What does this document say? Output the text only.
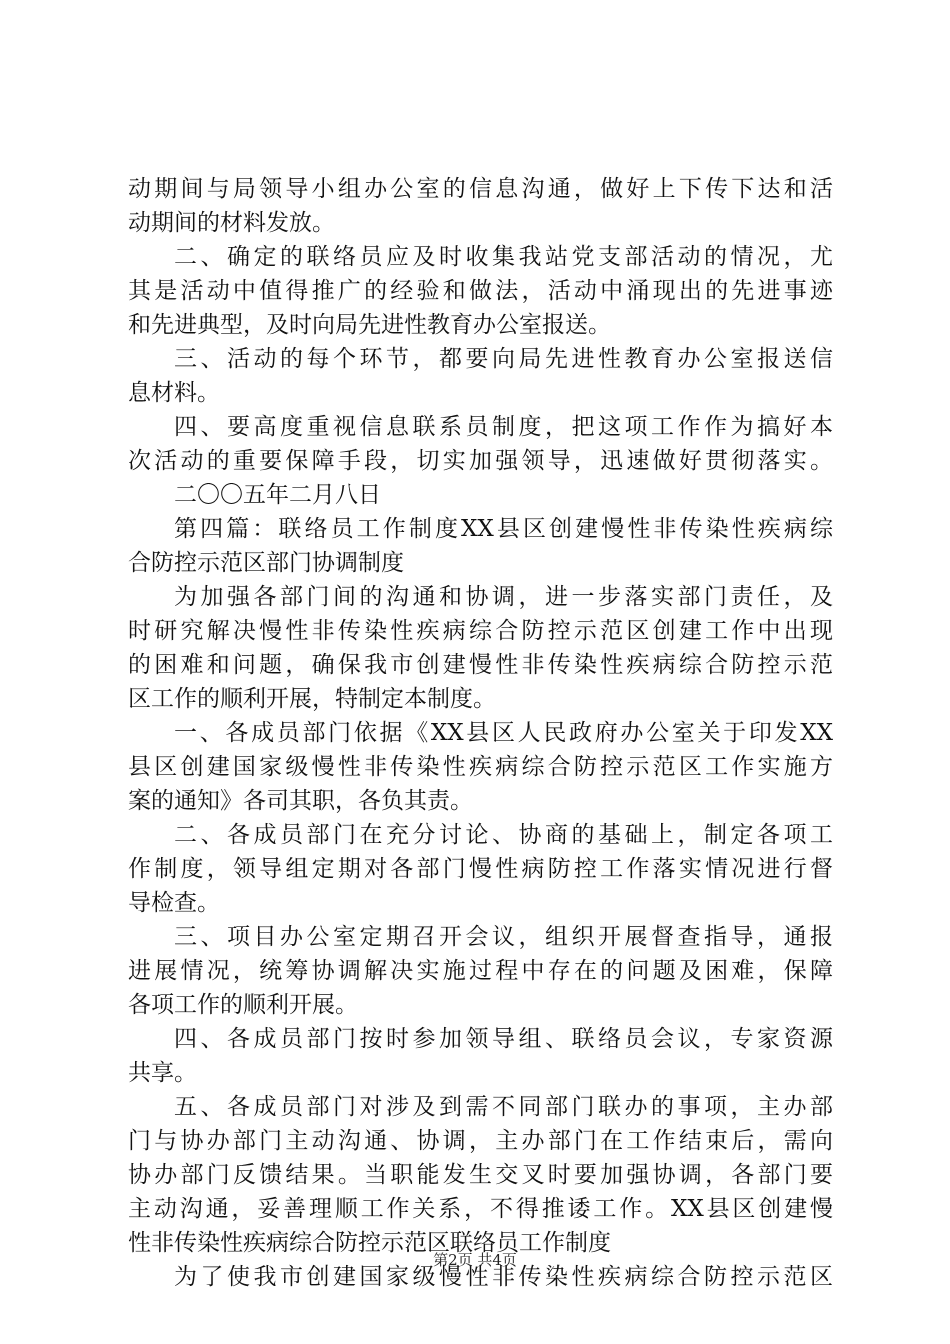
动期间与局领导小组办公室的信息沟通，做好上下传下达和活
动期间的材料发放。
二、确定的联络员应及时收集我站党支部活动的情况，尤
其是活动中值得推广的经验和做法，活动中涌现出的先进事迹
和先进典型，及时向局先进性教育办公室报送。
三、活动的每个环节，都要向局先进性教育办公室报送信
息材料。
四、要高度重视信息联系员制度，把这项工作作为搞好本
次活动的重要保障手段，切实加强领导，迅速做好贯彻落实。
二〇〇五年二月八日
第四篇：联络员工作制度XX县区创建慢性非传染性疾病综
合防控示范区部门协调制度
为加强各部门间的沟通和协调，进一步落实部门责任，及
时研究解决慢性非传染性疾病综合防控示范区创建工作中出现
的困难和问题，确保我市创建慢性非传染性疾病综合防控示范
区工作的顺利开展，特制定本制度。
一、各成员部门依据《XX县区人民政府办公室关于印发XX
县区创建国家级慢性非传染性疾病综合防控示范区工作实施方
案的通知》各司其职，各负其责。
二、各成员部门在充分讨论、协商的基础上，制定各项工
作制度，领导组定期对各部门慢性病防控工作落实情况进行督
导检查。
三、项目办公室定期召开会议，组织开展督查指导，通报
进展情况，统筹协调解决实施过程中存在的问题及困难，保障
各项工作的顺利开展。
四、各成员部门按时参加领导组、联络员会议，专家资源
共享。
五、各成员部门对涉及到需不同部门联办的事项，主办部
门与协办部门主动沟通、协调，主办部门在工作结束后，需向
协办部门反馈结果。当职能发生交叉时要加强协调，各部门要
主动沟通，妥善理顺工作关系，不得推诿工作。XX县区创建慢
性非传染性疾病综合防控示范区联络员工作制度
为了使我市创建国家级慢性非传染性疾病综合防控示范区
第2页 共4页
